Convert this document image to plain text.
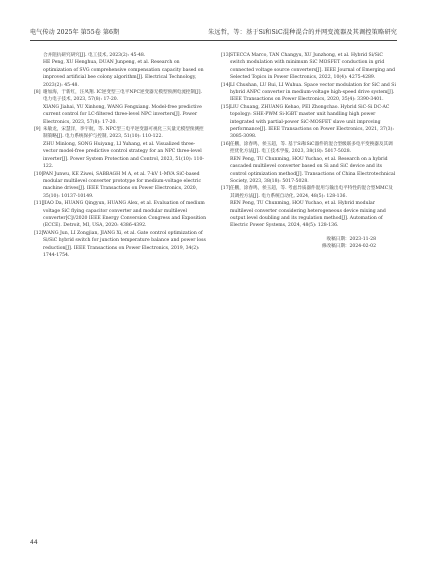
电气传动 2025年 第55卷 第6期	朱远哲，等：基于Si和SiC混种混合的并网变流器及其调控策略研究

合并阻抗研究研究[J]. 电工技术, 2023(2): 45-48.

HE Peng, XU Henghua, DUAN Junpeng, et al. Research on optimization of SVG comprehensive compensation capacity based on improved artificial bee colony algorithm[J]. Electrical Technology, 2023(2): 45-48.

[8] 谢加海，于新红，汪凤翔. IC逆变型三电平NPC逆变器无模型预测电流控制[J]. 电力电子技术, 2023, 57(8): 17-20.

XIANG Jiahai, YU Xinhong, WANG Fengxiang. Model-free predictive current control for LC-filtered three-level NPC inverters[J]. Power Electronics, 2023, 57(8): 17-20.

[9] 朱敏龙，宋慧洋，李宇航，等. NPC型三电平逆变器可视化三矢量无模型预测控制策略[J]. 电力系统保护与控制, 2023, 51(10): 110-122.

ZHU Minlong, SONG Huiyang, LI Yuhang, et al. Visualized three-vector model-free predictive control strategy for an NPC three-level inverter[J]. Power System Protection and Control, 2023, 51(10): 110-122.

[10]PAN Junwu, KE Ziwei, SABBAGH M A, et al. 7-kV 1-MVA SiC-based modular multilevel converter prototype for medium-voltage electric machine drives[J]. IEEE Transactions on Power Electronics, 2020, 35(10): 10137-10149.

[11]JIAO Da, HUANG Qingyun, HUANG Alex, et al. Evaluation of medium voltage SiC flying capacitor converter and modular multilevel converter[C]//2020 IEEE Energy Conversion Congress and Exposition (ECCE). Detroit, MI, USA, 2020: 4386-4392.

[12]WANG Jun, LI Zongjian, JIANG Xi, et al. Gate control optimization of Si/SiC hybrid switch for junction temperature balance and power loss reduction[J]. IEEE Transactions on Power Electronics, 2019, 34(2): 1744-1754.

[13]STECCA Marco, TAN Changyu, XU Junzhong, et al. Hybrid Si/SiC switch modulation with minimum SiC MOSFET conduction in grid connected voltage source converters[J]. IEEE Journal of Emerging and Selected Topics in Power Electronics, 2022, 10(4): 4275-4289.

[14]LI Chushan, LU Rui, LI Wuhua. Space vector modulation for SiC and Si hybrid ANPC converter in medium-voltage high-speed drive system[J]. IEEE Transactions on Power Electronics, 2020, 35(4): 3390-3401.

[15]LIU Chuang, ZHUANG Kehao, PEI Zhongchao. Hybrid SiC-Si DC-AC topology: SHE-PWM Si-IGBT master unit handling high power integrated with partial-power SiC-MOSFET slave unit improving performance[J]. IEEE Transactions on Power Electronics, 2021, 37(3): 3085-3098.

[16]任鹏，涂春鸣，侯玉超，等. 基于Si和SiC器件的混合型级联多电平变换器及其调控优化方法[J]. 电工技术学报, 2023, 38(18): 5017-5028.

REN Peng, TU Chunming, HOU Yuchao, et al. Research on a hybrid cascaded multilevel converter based on Si and SiC device and its control optimization method[J]. Transactions of China Electrotechnical Society, 2023, 38(18): 5017-5028.

[17]任鹏，涂春鸣，侯玉超，等. 考虑异质器件混用与输出电平特性的混合型MMC及其调控方法[J]. 电力系统自动化, 2024, 48(5): 128-136.

REN Peng, TU Chunming, HOU Yuchao, et al. Hybrid modular multilevel converter considering heterogeneous device mixing and output level doubling and its regulation method[J]. Automation of Electric Power Systems, 2024, 48(5): 128-136.

收稿日期：2023-11-28
修改稿日期：2024-02-02
44
